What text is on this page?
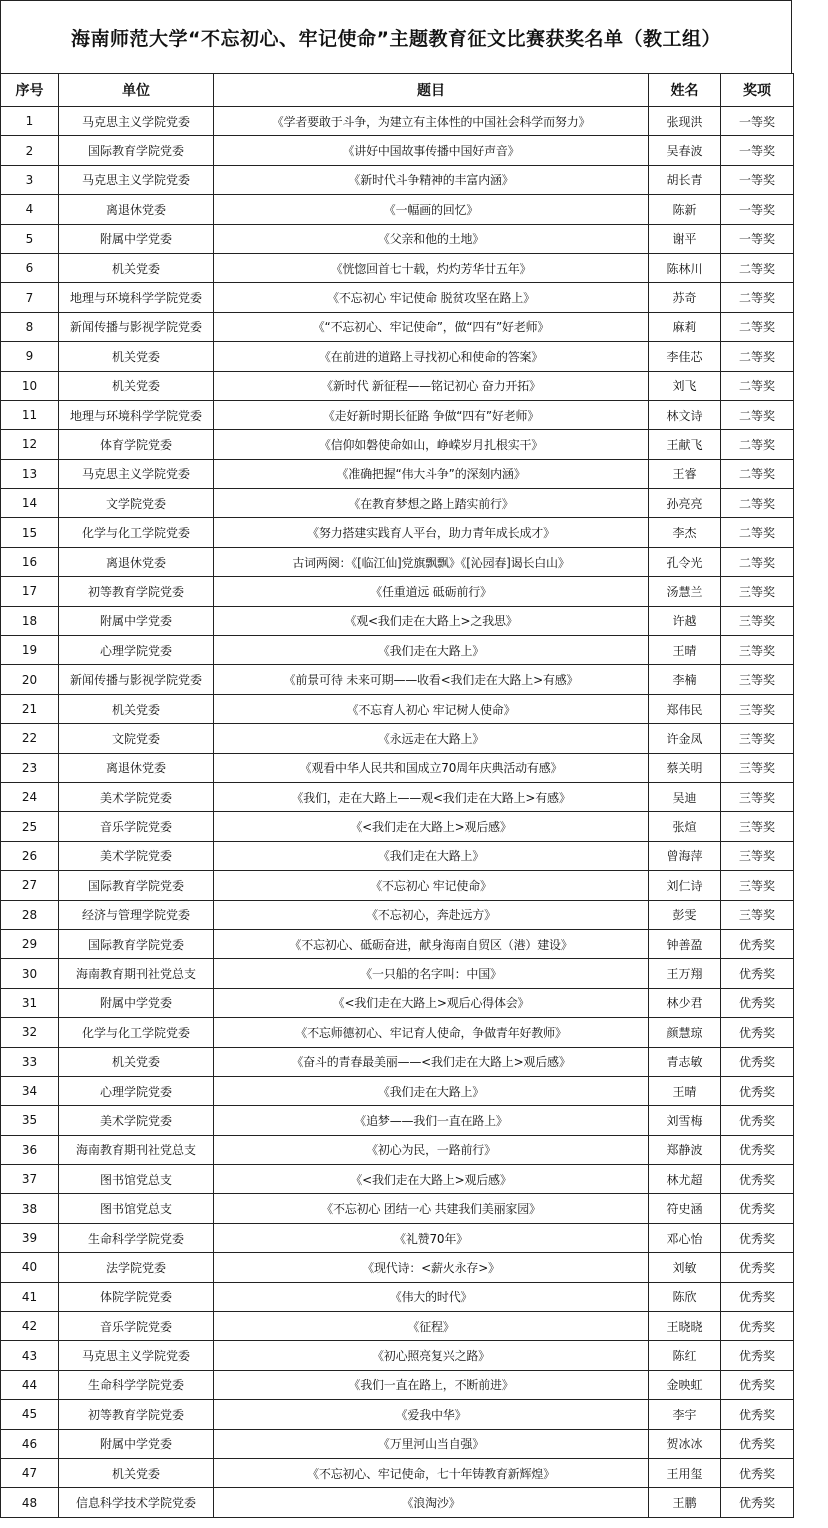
海南师范大学“不忘初心、牢记使命”主题教育征文比赛获奖名单（教工组）
序号	单位	题目	姓名	奖项
1	马克思主义学院党委	《学者要敢于斗争，为建立有主体性的中国社会科学而努力》	张现洪	一等奖
2	国际教育学院党委	《讲好中国故事传播中国好声音》	吴春波	一等奖
3	马克思主义学院党委	《新时代斗争精神的丰富内涵》	胡长青	一等奖
4	离退休党委	《一幅画的回忆》	陈新	一等奖
5	附属中学党委	《父亲和他的土地》	谢平	一等奖
6	机关党委	《恍惚回首七十载，灼灼芳华廿五年》	陈林川	二等奖
7	地理与环境科学学院党委	《不忘初心 牢记使命 脱贫攻坚在路上》	苏奇	二等奖
8	新闻传播与影视学院党委	《“不忘初心、牢记使命”，做“四有”好老师》	麻莉	二等奖
9	机关党委	《在前进的道路上寻找初心和使命的答案》	李佳芯	二等奖
10	机关党委	《新时代 新征程——铭记初心 奋力开拓》	刘飞	二等奖
11	地理与环境科学学院党委	《走好新时期长征路 争做“四有”好老师》	林文诗	二等奖
12	体育学院党委	《信仰如磐使命如山，峥嵘岁月扎根实干》	王献飞	二等奖
13	马克思主义学院党委	《准确把握“伟大斗争”的深刻内涵》	王睿	二等奖
14	文学院党委	《在教育梦想之路上踏实前行》	孙亮亮	二等奖
15	化学与化工学院党委	《努力搭建实践育人平台，助力青年成长成才》	李杰	二等奖
16	离退休党委	古词两阕：《[临江仙]党旗飘飘》《[沁园春]谒长白山》	孔令光	二等奖
17	初等教育学院党委	《任重道远 砥砺前行》	汤慧兰	三等奖
18	附属中学党委	《观<我们走在大路上>之我思》	许越	三等奖
19	心理学院党委	《我们走在大路上》	王晴	三等奖
20	新闻传播与影视学院党委	《前景可待 未来可期——收看<我们走在大路上>有感》	李楠	三等奖
21	机关党委	《不忘育人初心 牢记树人使命》	郑伟民	三等奖
22	文院党委	《永远走在大路上》	许金凤	三等奖
23	离退休党委	《观看中华人民共和国成立70周年庆典活动有感》	蔡关明	三等奖
24	美术学院党委	《我们，走在大路上——观<我们走在大路上>有感》	吴迪	三等奖
25	音乐学院党委	《<我们走在大路上>观后感》	张煊	三等奖
26	美术学院党委	《我们走在大路上》	曾海萍	三等奖
27	国际教育学院党委	《不忘初心 牢记使命》	刘仁诗	三等奖
28	经济与管理学院党委	《不忘初心，奔赴远方》	彭雯	三等奖
29	国际教育学院党委	《不忘初心、砥砺奋进，献身海南自贸区（港）建设》	钟善盈	优秀奖
30	海南教育期刊社党总支	《一只船的名字叫：中国》	王万翔	优秀奖
31	附属中学党委	《<我们走在大路上>观后心得体会》	林少君	优秀奖
32	化学与化工学院党委	《不忘师德初心、牢记育人使命，争做青年好教师》	颜慧琼	优秀奖
33	机关党委	《奋斗的青春最美丽——<我们走在大路上>观后感》	青志敏	优秀奖
34	心理学院党委	《我们走在大路上》	王晴	优秀奖
35	美术学院党委	《追梦——我们一直在路上》	刘雪梅	优秀奖
36	海南教育期刊社党总支	《初心为民，一路前行》	郑静波	优秀奖
37	图书馆党总支	《<我们走在大路上>观后感》	林尤超	优秀奖
38	图书馆党总支	《不忘初心 团结一心 共建我们美丽家园》	符史涵	优秀奖
39	生命科学学院党委	《礼赞70年》	邓心怡	优秀奖
40	法学院党委	《现代诗：<薪火永存>》	刘敏	优秀奖
41	体院学院党委	《伟大的时代》	陈欣	优秀奖
42	音乐学院党委	《征程》	王晓晓	优秀奖
43	马克思主义学院党委	《初心照亮复兴之路》	陈红	优秀奖
44	生命科学学院党委	《我们一直在路上，不断前进》	金映虹	优秀奖
45	初等教育学院党委	《爱我中华》	李宇	优秀奖
46	附属中学党委	《万里河山当自强》	贺冰冰	优秀奖
47	机关党委	《不忘初心、牢记使命，七十年铸教育新辉煌》	王用玺	优秀奖
48	信息科学技术学院党委	《浪淘沙》	王鹏	优秀奖
